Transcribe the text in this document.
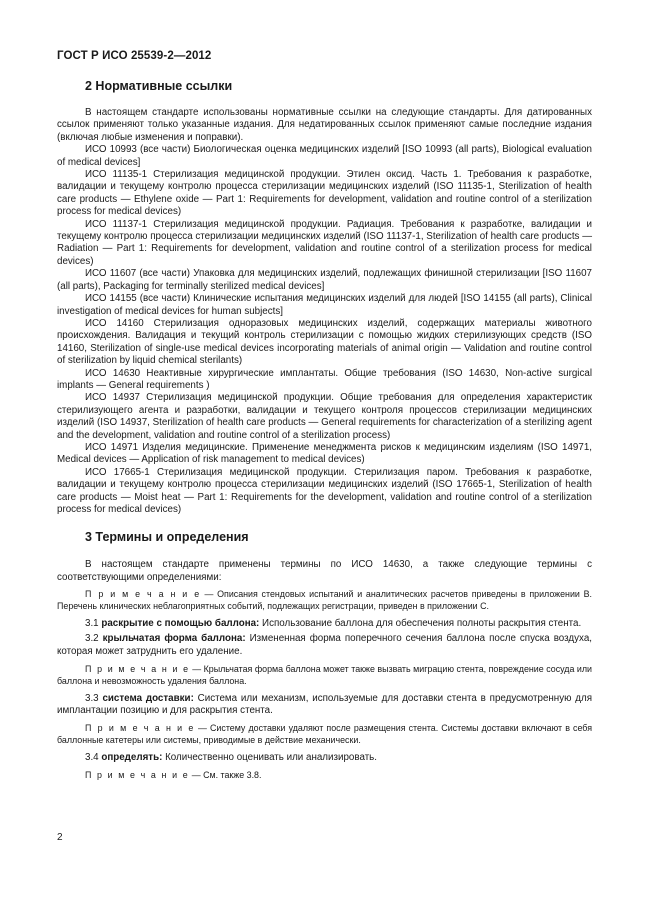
ГОСТ Р ИСО 25539-2—2012
2 Нормативные ссылки

В настоящем стандарте использованы нормативные ссылки на следующие стандарты. Для датированных ссылок применяют только указанные издания. Для недатированных ссылок применяют самые последние издания (включая любые изменения и поправки).

ИСО 10993 (все части) Биологическая оценка медицинских изделий [ISO 10993 (all parts), Biological evaluation of medical devices]

ИСО 11135-1 Стерилизация медицинской продукции. Этилен оксид. Часть 1. Требования к разработке, валидации и текущему контролю процесса стерилизации медицинских изделий (ISO 11135-1, Sterilization of health care products — Ethylene oxide — Part 1: Requirements for development, validation and routine control of a sterilization process for medical devices)

ИСО 11137-1 Стерилизация медицинской продукции. Радиация. Требования к разработке, валидации и текущему контролю процесса стерилизации медицинских изделий (ISO 11137-1, Sterilization of health care products — Radiation — Part 1: Requirements for development, validation and routine control of a sterilization process for medical devices)

ИСО 11607 (все части) Упаковка для медицинских изделий, подлежащих финишной стерилизации [ISO 11607 (all parts), Packaging for terminally sterilized medical devices]

ИСО 14155 (все части) Клинические испытания медицинских изделий для людей [ISO 14155 (all parts), Clinical investigation of medical devices for human subjects]

ИСО 14160 Стерилизация одноразовых медицинских изделий, содержащих материалы животного происхождения. Валидация и текущий контроль стерилизации с помощью жидких стерилизующих средств (ISO 14160, Sterilization of single-use medical devices incorporating materials of animal origin — Validation and routine control of sterilization by liquid chemical sterilants)

ИСО 14630 Неактивные хирургические имплантаты. Общие требования (ISO 14630, Non-active surgical implants — General requirements )

ИСО 14937 Стерилизация медицинской продукции. Общие требования для определения характеристик стерилизующего агента и разработки, валидации и текущего контроля процессов стерилизации медицинских изделий (ISO 14937, Sterilization of health care products — General requirements for characterization of a sterilizing agent and the development, validation and routine control of a sterilization process)

ИСО 14971 Изделия медицинские. Применение менеджмента рисков к медицинским изделиям (ISO 14971, Medical devices — Application of risk management to medical devices)

ИСО 17665-1 Стерилизация медицинской продукции. Стерилизация паром. Требования к разработке, валидации и текущему контролю процесса стерилизации медицинских изделий (ISO 17665-1, Sterilization of health care products — Moist heat — Part 1: Requirements for the development, validation and routine control of a sterilization process for medical devices)

3 Термины и определения

В настоящем стандарте применены термины по ИСО 14630, а также следующие термины с соответствующими определениями:

П р и м е ч а н и е — Описания стендовых испытаний и аналитических расчетов приведены в приложении В. Перечень клинических неблагоприятных событий, подлежащих регистрации, приведен в приложении С.

3.1 раскрытие с помощью баллона: Использование баллона для обеспечения полноты раскрытия стента.

3.2 крыльчатая форма баллона: Измененная форма поперечного сечения баллона после спуска воздуха, которая может затруднить его удаление.

П р и м е ч а н и е — Крыльчатая форма баллона может также вызвать миграцию стента, повреждение сосуда или баллона и невозможность удаления баллона.

3.3 система доставки: Система или механизм, используемые для доставки стента в предусмотренную для имплантации позицию и для раскрытия стента.

П р и м е ч а н и е — Систему доставки удаляют после размещения стента. Системы доставки включают в себя баллонные катетеры или системы, приводимые в действие механически.

3.4 определять: Количественно оценивать или анализировать.

П р и м е ч а н и е — См. также 3.8.

2
